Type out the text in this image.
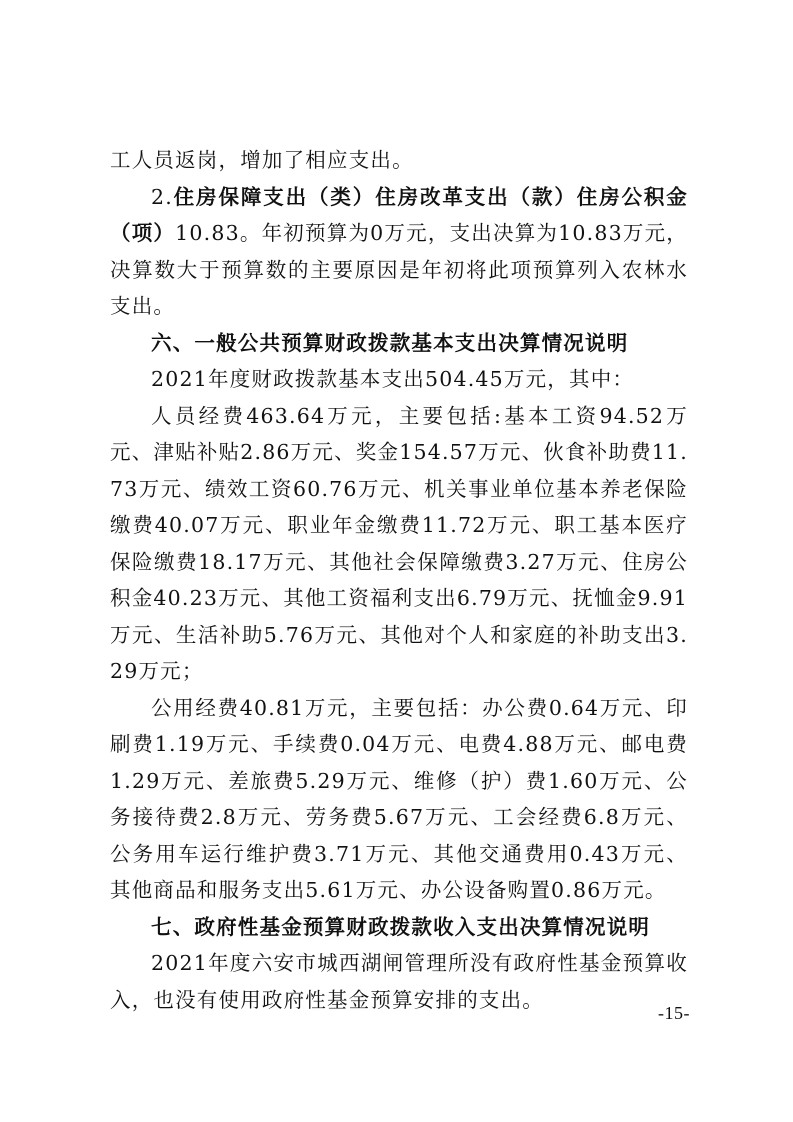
工人员返岗，增加了相应支出。

2.住房保障支出（类）住房改革支出（款）住房公积金（项）10.83。年初预算为0万元，支出决算为10.83万元，决算数大于预算数的主要原因是年初将此项预算列入农林水支出。

六、一般公共预算财政拨款基本支出决算情况说明

2021年度财政拨款基本支出504.45万元，其中：

人员经费463.64万元，主要包括:基本工资94.52万元、津贴补贴2.86万元、奖金154.57万元、伙食补助费11.73万元、绩效工资60.76万元、机关事业单位基本养老保险缴费40.07万元、职业年金缴费11.72万元、职工基本医疗保险缴费18.17万元、其他社会保障缴费3.27万元、住房公积金40.23万元、其他工资福利支出6.79万元、抚恤金9.91万元、生活补助5.76万元、其他对个人和家庭的补助支出3.29万元；

公用经费40.81万元，主要包括：办公费0.64万元、印刷费1.19万元、手续费0.04万元、电费4.88万元、邮电费1.29万元、差旅费5.29万元、维修（护）费1.60万元、公务接待费2.8万元、劳务费5.67万元、工会经费6.8万元、公务用车运行维护费3.71万元、其他交通费用0.43万元、其他商品和服务支出5.61万元、办公设备购置0.86万元。

七、政府性基金预算财政拨款收入支出决算情况说明

2021年度六安市城西湖闸管理所没有政府性基金预算收入，也没有使用政府性基金预算安排的支出。

-15-
